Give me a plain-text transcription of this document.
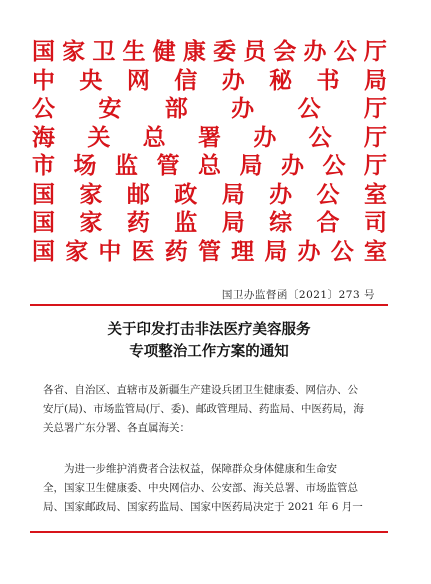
国 家 卫 生 健 康 委 员 会 办 公 厅
中 央 网 信 办 秘 书 局
公 安 部 办 公 厅
海 关 总 署 办 公 厅
市 场 监 管 总 局 办 公 厅
国 家 邮 政 局 办 公 室
国 家 药 监 局 综 合 司
国 家 中 医 药 管 理 局 办 公 室
国卫办监督函〔2021〕273 号
关于印发打击非法医疗美容服务
专项整治工作方案的通知
各省、自治区、直辖市及新疆生产建设兵团卫生健康委、网信办、公
安厅(局)、市场监管局(厅、委)、邮政管理局、药监局、中医药局，海
关总署广东分署、各直属海关：
为进一步维护消费者合法权益，保障群众身体健康和生命安
全，国家卫生健康委、中央网信办、公安部、海关总署、市场监管总
局、国家邮政局、国家药监局、国家中医药局决定于 2021 年 6 月一
